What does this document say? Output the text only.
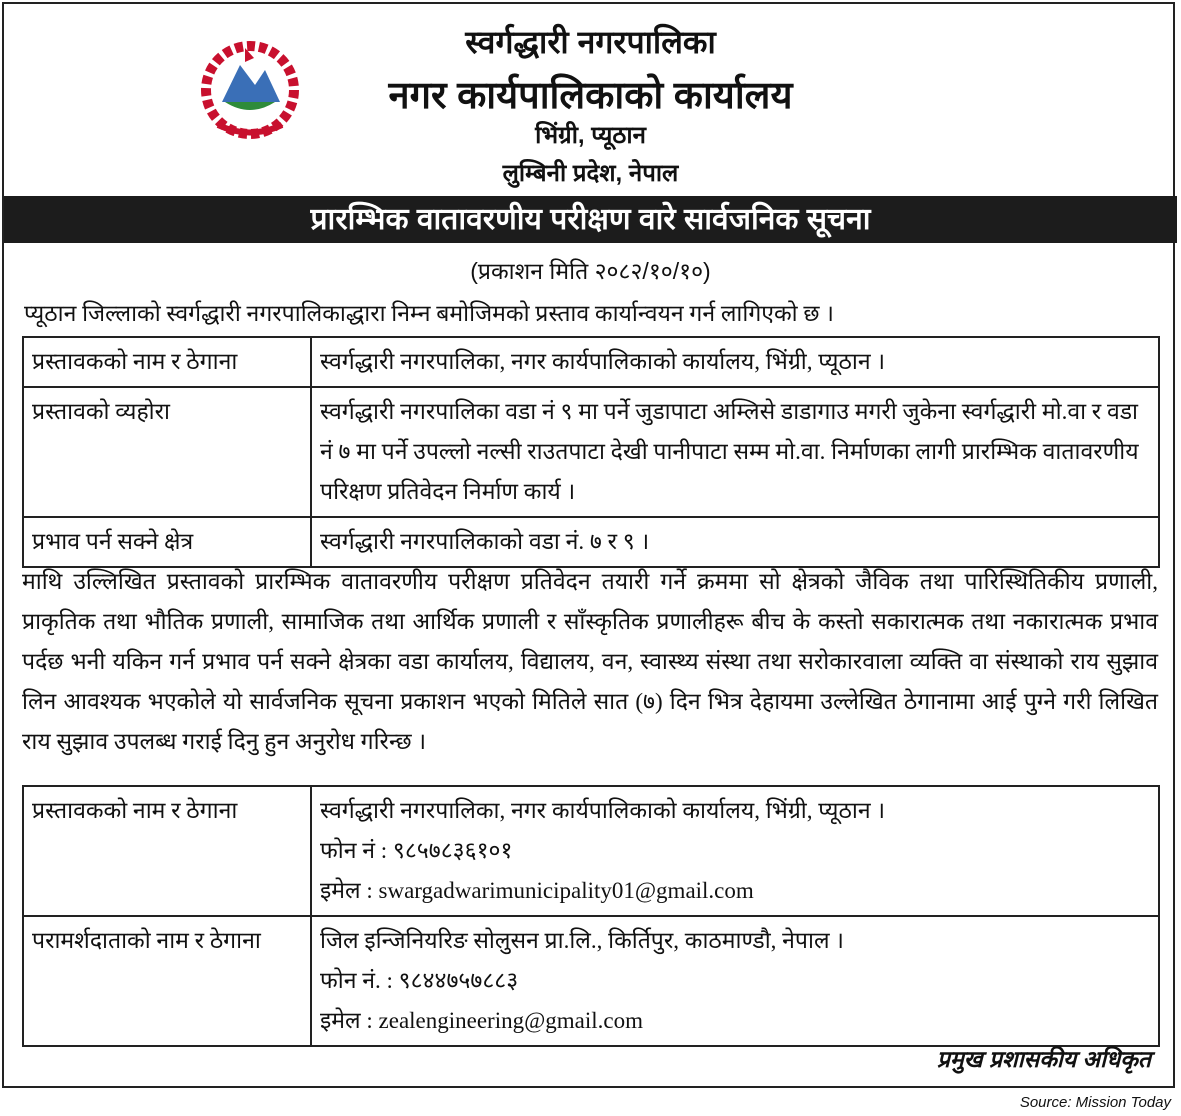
स्वर्गद्धारी नगरपालिका
नगर कार्यपालिकाको कार्यालय
भिंग्री, प्यूठान
लुम्बिनी प्रदेश, नेपाल
प्रारम्भिक वातावरणीय परीक्षण वारे सार्वजनिक सूचना
(प्रकाशन मिति २०८२/१०/१०)
प्यूठान जिल्लाको स्वर्गद्धारी नगरपालिकाद्धारा निम्न बमोजिमको प्रस्ताव कार्यान्वयन गर्न लागिएको छ ।
प्रस्तावकको नाम र ठेगाना	स्वर्गद्धारी नगरपालिका, नगर कार्यपालिकाको कार्यालय, भिंग्री, प्यूठान ।
प्रस्तावको व्यहोरा	स्वर्गद्धारी नगरपालिका वडा नं ९ मा पर्ने जुडापाटा अम्लिसे डाडागाउ मगरी जुकेना स्वर्गद्धारी मो.वा र वडा नं ७ मा पर्ने उपल्लो नल्सी राउतपाटा देखी पानीपाटा सम्म मो.वा. निर्माणका लागी प्रारम्भिक वातावरणीय परिक्षण प्रतिवेदन निर्माण कार्य ।
प्रभाव पर्न सक्ने क्षेत्र	स्वर्गद्धारी नगरपालिकाको वडा नं. ७ र ९ ।
माथि उल्लिखित प्रस्तावको प्रारम्भिक वातावरणीय परीक्षण प्रतिवेदन तयारी गर्ने क्रममा सो क्षेत्रको जैविक तथा पारिस्थितिकीय प्रणाली, प्राकृतिक तथा भौतिक प्रणाली, सामाजिक तथा आर्थिक प्रणाली र साँस्कृतिक प्रणालीहरू बीच के कस्तो सकारात्मक तथा नकारात्मक प्रभाव पर्दछ भनी यकिन गर्न प्रभाव पर्न सक्ने क्षेत्रका वडा कार्यालय, विद्यालय, वन, स्वास्थ्य संस्था तथा सरोकारवाला व्यक्ति वा संस्थाको राय सुझाव लिन आवश्यक भएकोले यो सार्वजनिक सूचना प्रकाशन भएको मितिले सात (७) दिन भित्र देहायमा उल्लेखित ठेगानामा आई पुग्ने गरी लिखित राय सुझाव उपलब्ध गराई दिनु हुन अनुरोध गरिन्छ ।
प्रस्तावकको नाम र ठेगाना	स्वर्गद्धारी नगरपालिका, नगर कार्यपालिकाको कार्यालय, भिंग्री, प्यूठान ।
फोन नं : ९८५७८३६१०१
इमेल : swargadwarimunicipality01@gmail.com

परामर्शदाताको नाम र ठेगाना	जिल इन्जिनियरिङ सोलुसन प्रा.लि., किर्तिपुर, काठमाण्डौ, नेपाल ।
फोन नं. : ९८४४७५७८८३
इमेल : zealengineering@gmail.com
प्रमुख प्रशासकीय अधिकृत
Source: Mission Today
